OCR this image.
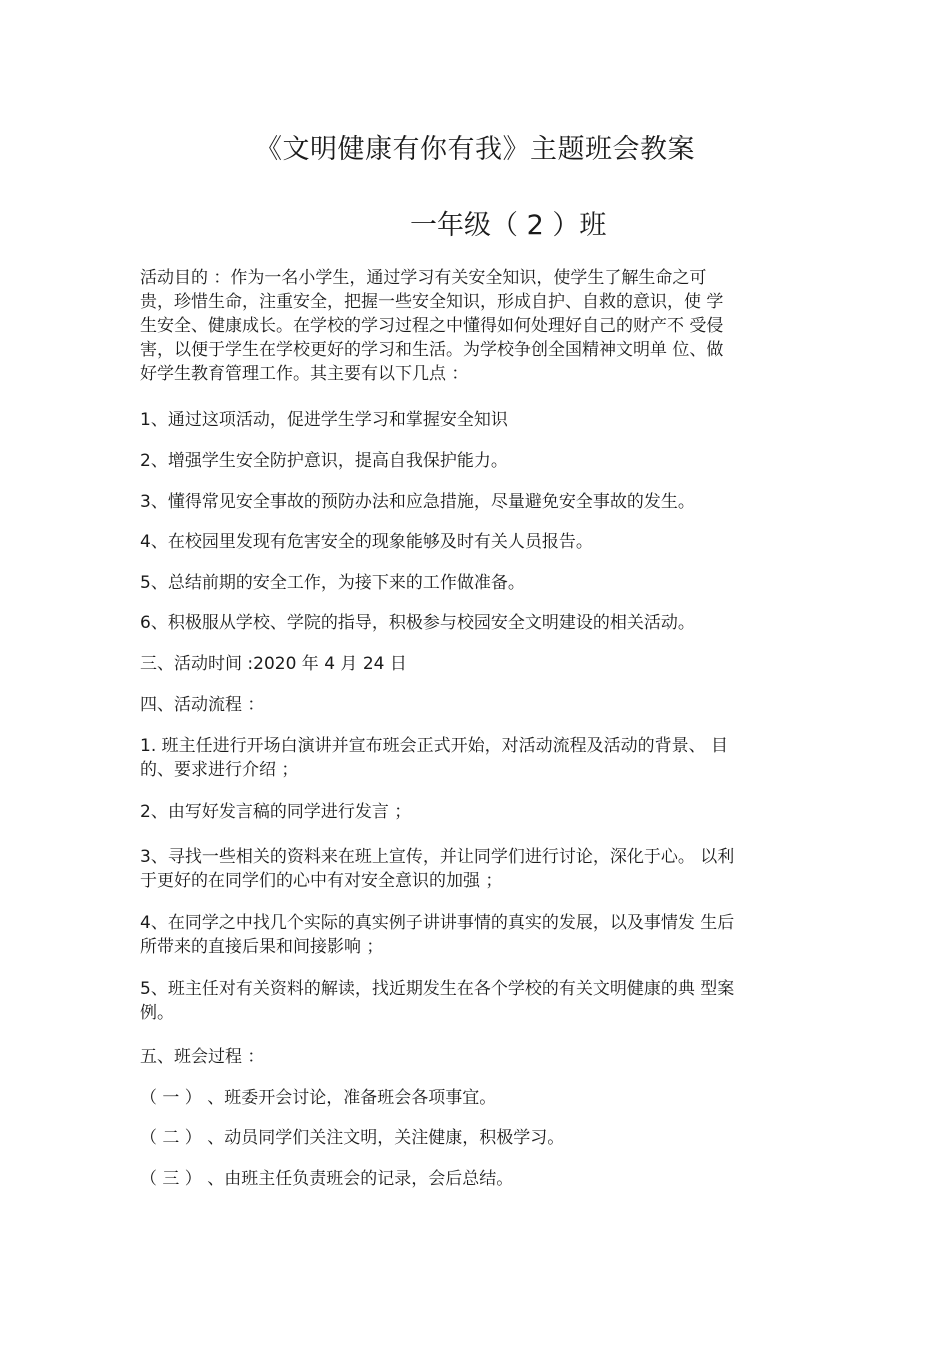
《文明健康有你有我》主题班会教案
一年级（ 2 ）班
活动目的 ：作为一名小学生，通过学习有关安全知识，使学生了解生命之可
贵，珍惜生命，注重安全，把握一些安全知识，形成自护、自救的意识，使 学
生安全、健康成长。在学校的学习过程之中懂得如何处理好自己的财产不 受侵
害，以便于学生在学校更好的学习和生活。为学校争创全国精神文明单 位、做
好学生教育管理工作。其主要有以下几点 ：

1、通过这项活动，促进学生学习和掌握安全知识

2、增强学生安全防护意识，提高自我保护能力。

3、懂得常见安全事故的预防办法和应急措施，尽量避免安全事故的发生。

4、在校园里发现有危害安全的现象能够及时有关人员报告。

5、总结前期的安全工作，为接下来的工作做准备。

6、积极服从学校、学院的指导，积极参与校园安全文明建设的相关活动。

三、活动时间 :2020 年 4 月 24 日

四、活动流程 ：

1. 班主任进行开场白演讲并宣布班会正式开始，对活动流程及活动的背景、 目
的、要求进行介绍 ；
2、由写好发言稿的同学进行发言 ；
3、寻找一些相关的资料来在班上宣传，并让同学们进行讨论，深化于心。 以利
于更好的在同学们的心中有对安全意识的加强 ；
4、在同学之中找几个实际的真实例子讲讲事情的真实的发展，以及事情发 生后
所带来的直接后果和间接影响 ；
5、班主任对有关资料的解读，找近期发生在各个学校的有关文明健康的典 型案
例。

五、班会过程 ：

（ 一 ） 、班委开会讨论，准备班会各项事宜。

（ 二 ） 、动员同学们关注文明，关注健康，积极学习。

（ 三 ） 、由班主任负责班会的记录，会后总结。
